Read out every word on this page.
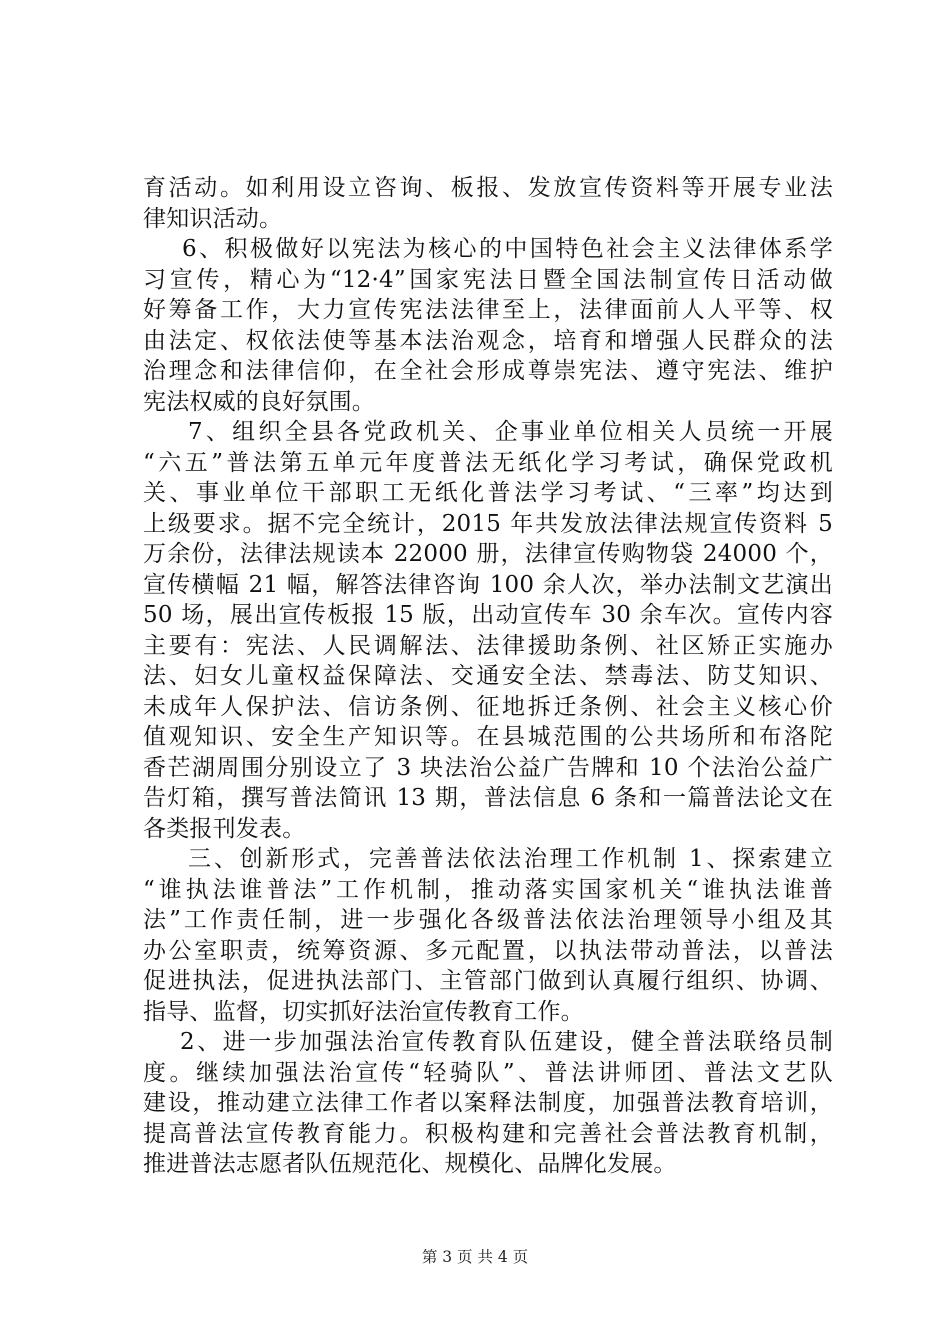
育活动。如利用设立咨询、板报、发放宣传资料等开展专业法
律知识活动。
6、积极做好以宪法为核心的中国特色社会主义法律体系学
习宣传，精心为“12·4”国家宪法日暨全国法制宣传日活动做
好筹备工作，大力宣传宪法法律至上，法律面前人人平等、权
由法定、权依法使等基本法治观念，培育和增强人民群众的法
治理念和法律信仰，在全社会形成尊崇宪法、遵守宪法、维护
宪法权威的良好氛围。
7、组织全县各党政机关、企事业单位相关人员统一开展
“六五”普法第五单元年度普法无纸化学习考试，确保党政机
关、事业单位干部职工无纸化普法学习考试、“三率”均达到
上级要求。据不完全统计，2015 年共发放法律法规宣传资料 5
万余份，法律法规读本 22000 册，法律宣传购物袋 24000 个，
宣传横幅 21 幅，解答法律咨询 100 余人次，举办法制文艺演出
50 场，展出宣传板报 15 版，出动宣传车 30 余车次。宣传内容
主要有：宪法、人民调解法、法律援助条例、社区矫正实施办
法、妇女儿童权益保障法、交通安全法、禁毒法、防艾知识、
未成年人保护法、信访条例、征地拆迁条例、社会主义核心价
值观知识、安全生产知识等。在县城范围的公共场所和布洛陀
香芒湖周围分别设立了 3 块法治公益广告牌和 10 个法治公益广
告灯箱，撰写普法简讯 13 期，普法信息 6 条和一篇普法论文在
各类报刊发表。
三、创新形式，完善普法依法治理工作机制 1、探索建立
“谁执法谁普法”工作机制，推动落实国家机关“谁执法谁普
法”工作责任制，进一步强化各级普法依法治理领导小组及其
办公室职责，统筹资源、多元配置，以执法带动普法，以普法
促进执法，促进执法部门、主管部门做到认真履行组织、协调、
指导、监督，切实抓好法治宣传教育工作。
2、进一步加强法治宣传教育队伍建设，健全普法联络员制
度。继续加强法治宣传“轻骑队”、普法讲师团、普法文艺队
建设，推动建立法律工作者以案释法制度，加强普法教育培训，
提高普法宣传教育能力。积极构建和完善社会普法教育机制，
推进普法志愿者队伍规范化、规模化、品牌化发展。
第 3 页 共 4 页
